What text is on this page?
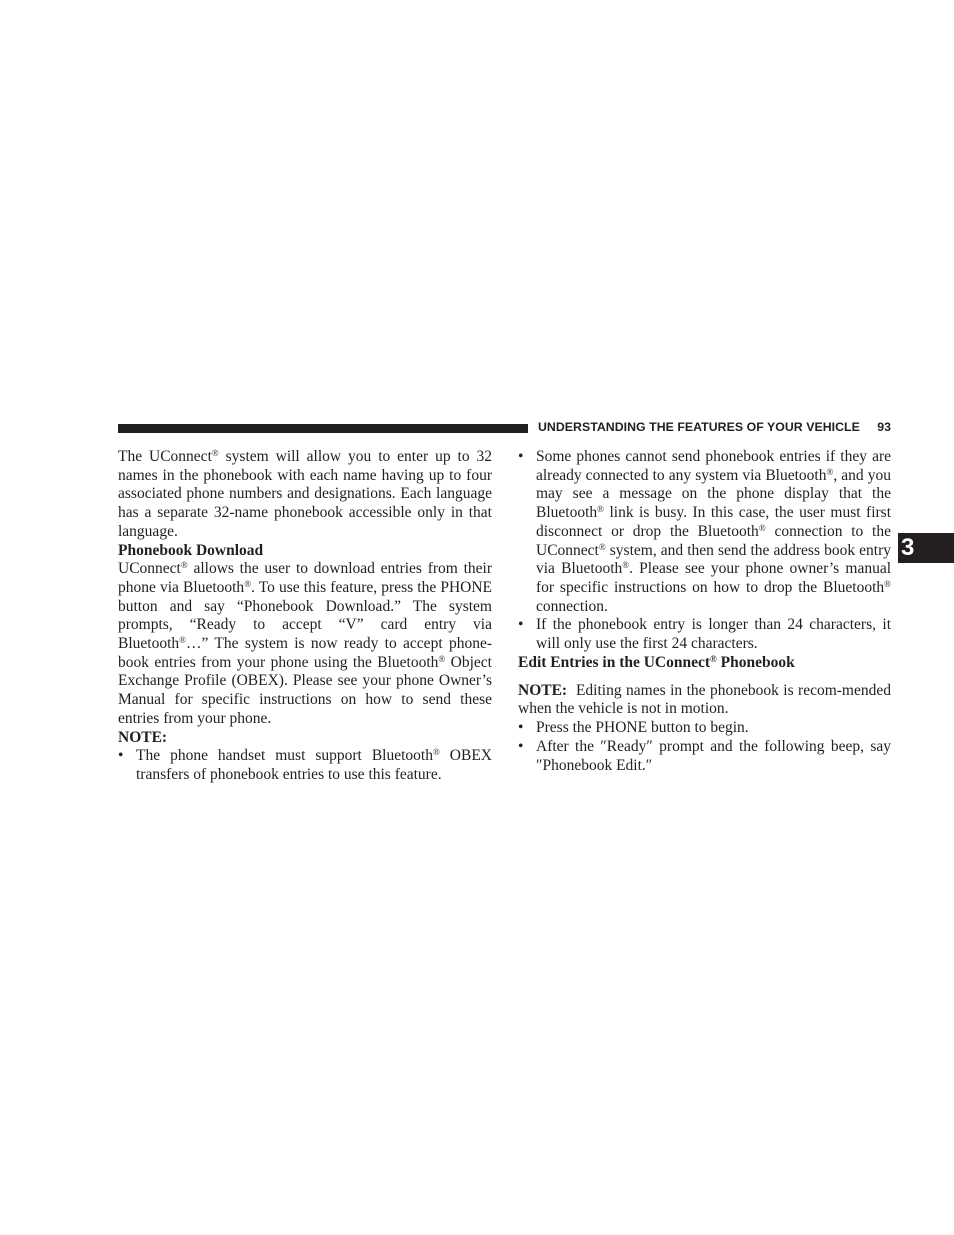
UNDERSTANDING THE FEATURES OF YOUR VEHICLE 93
3

The UConnect® system will allow you to enter up to 32 names in the phonebook with each name having up to four associated phone numbers and designations. Each language has a separate 32-name phonebook accessible only in that language.

Phonebook Download

UConnect® allows the user to download entries from their phone via Bluetooth®. To use this feature, press the PHONE button and say “Phonebook Download.” The system prompts, “Ready to accept “V” card entry via Bluetooth®…” The system is now ready to accept phone-book entries from your phone using the Bluetooth® Object Exchange Profile (OBEX). Please see your phone Owner’s Manual for specific instructions on how to send these entries from your phone.

NOTE:

• The phone handset must support Bluetooth® OBEX transfers of phonebook entries to use this feature.
• Some phones cannot send phonebook entries if they are already connected to any system via Bluetooth®, and you may see a message on the phone display that the Bluetooth® link is busy. In this case, the user must first disconnect or drop the Bluetooth® connection to the UConnect® system, and then send the address book entry via Bluetooth®. Please see your phone owner’s manual for specific instructions on how to drop the Bluetooth® connection.
• If the phonebook entry is longer than 24 characters, it will only use the first 24 characters.

Edit Entries in the UConnect® Phonebook

NOTE:  Editing names in the phonebook is recom-mended when the vehicle is not in motion.

• Press the PHONE button to begin.
• After the ″Ready″ prompt and the following beep, say ″Phonebook Edit.″
